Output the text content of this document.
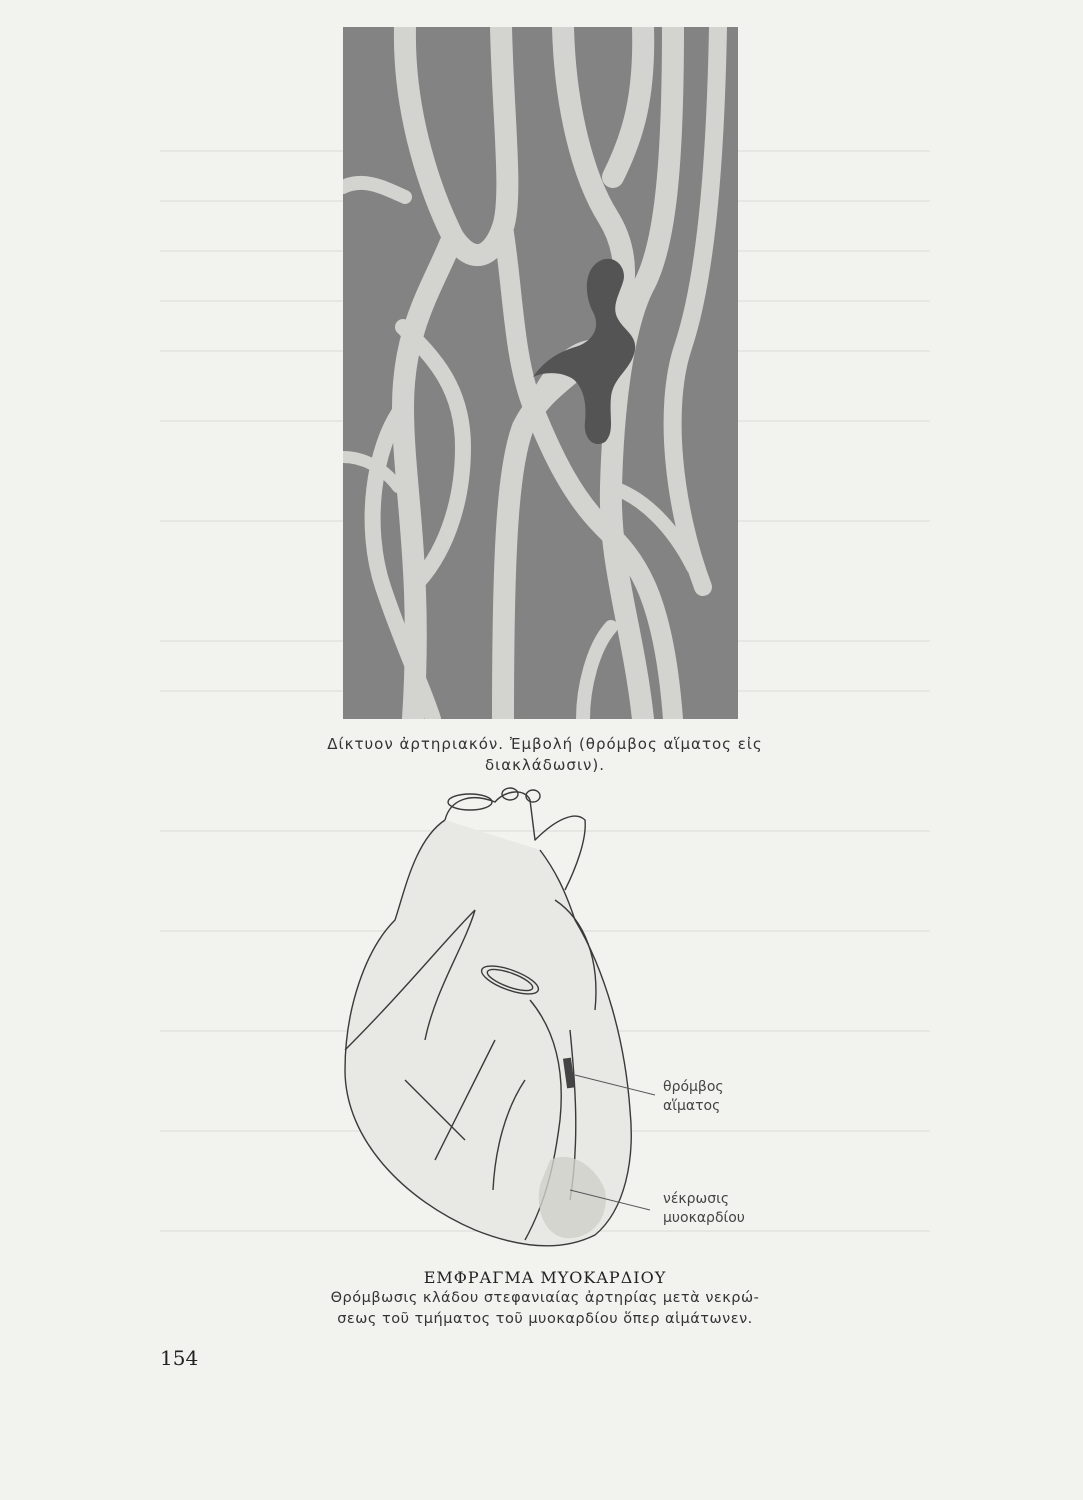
Δίκτυον ἀρτηριακόν. Ἐμβολή (θρόμβος αἵματος εἰς
διακλάδωσιν).
θρόμβος
αἵματος
νέκρωσις
μυοκαρδίου
ΕΜΦΡΑΓΜΑ ΜΥΟΚΑΡΔΙΟΥ
Θρόμβωσις κλάδου στεφανιαίας ἀρτηρίας μετὰ νεκρώ-
σεως τοῦ τμήματος τοῦ μυοκαρδίου ὅπερ αἱμάτωνεν.
154
